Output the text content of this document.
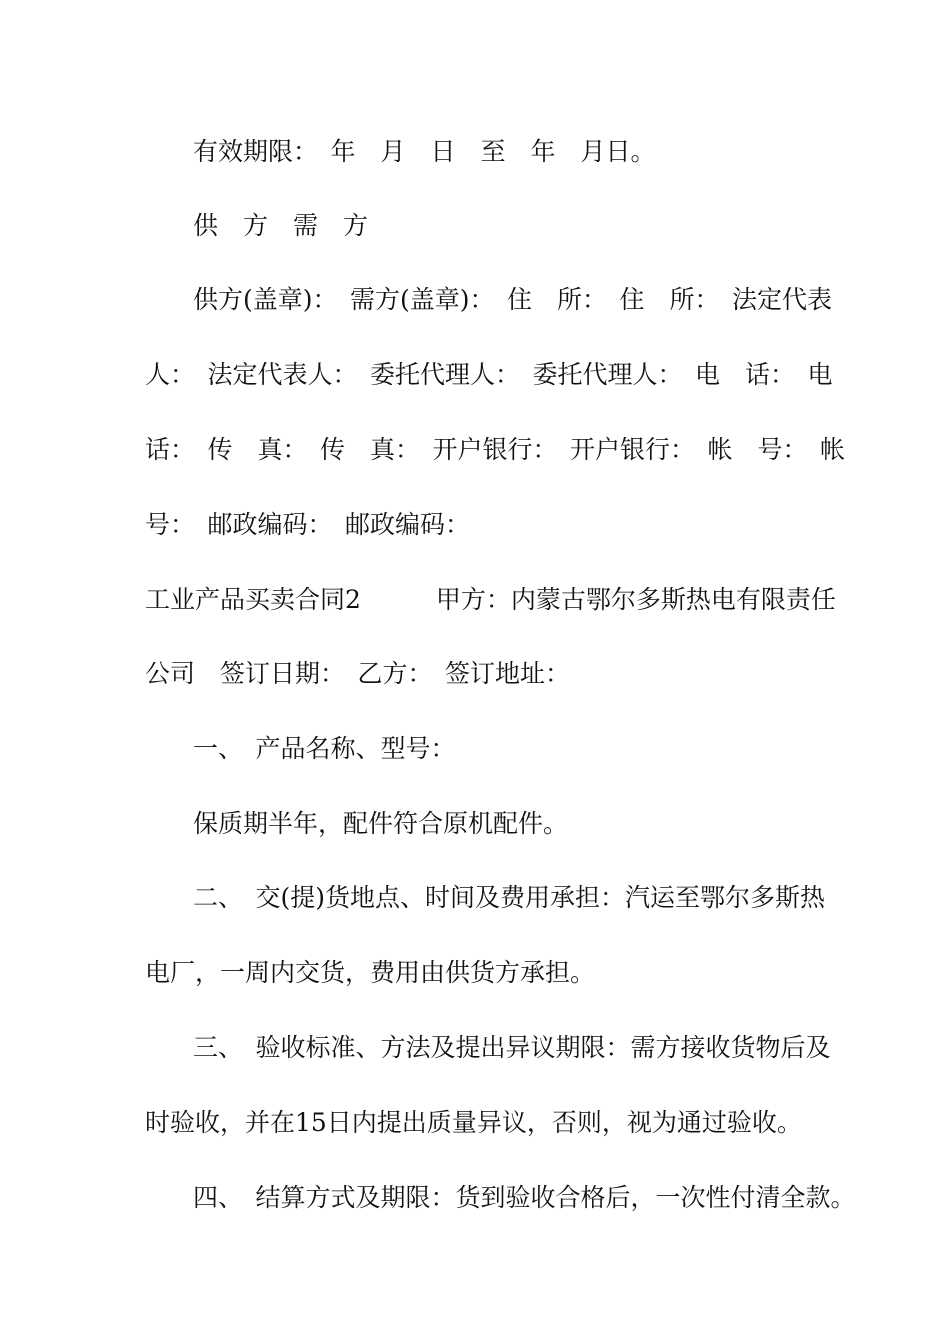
有效期限：　年　月　日　至　年　月日。
供　方　需　方
供方(盖章)：　需方(盖章)：　住　所：　住　所：　法定代表
人：　法定代表人：　委托代理人：　委托代理人：　电　话：　电
话：　传　真：　传　真：　开户银行：　开户银行：　帐　号：　帐
号：　邮政编码：　邮政编码：
工业产品买卖合同2　　　甲方：内蒙古鄂尔多斯热电有限责任
公司　签订日期：　乙方：　签订地址：
一、　产品名称、型号：
保质期半年，配件符合原机配件。
二、　交(提)货地点、时间及费用承担：汽运至鄂尔多斯热
电厂，一周内交货，费用由供货方承担。
三、　验收标准、方法及提出异议期限：需方接收货物后及
时验收，并在15日内提出质量异议，否则，视为通过验收。
四、　结算方式及期限：货到验收合格后，一次性付清全款。
